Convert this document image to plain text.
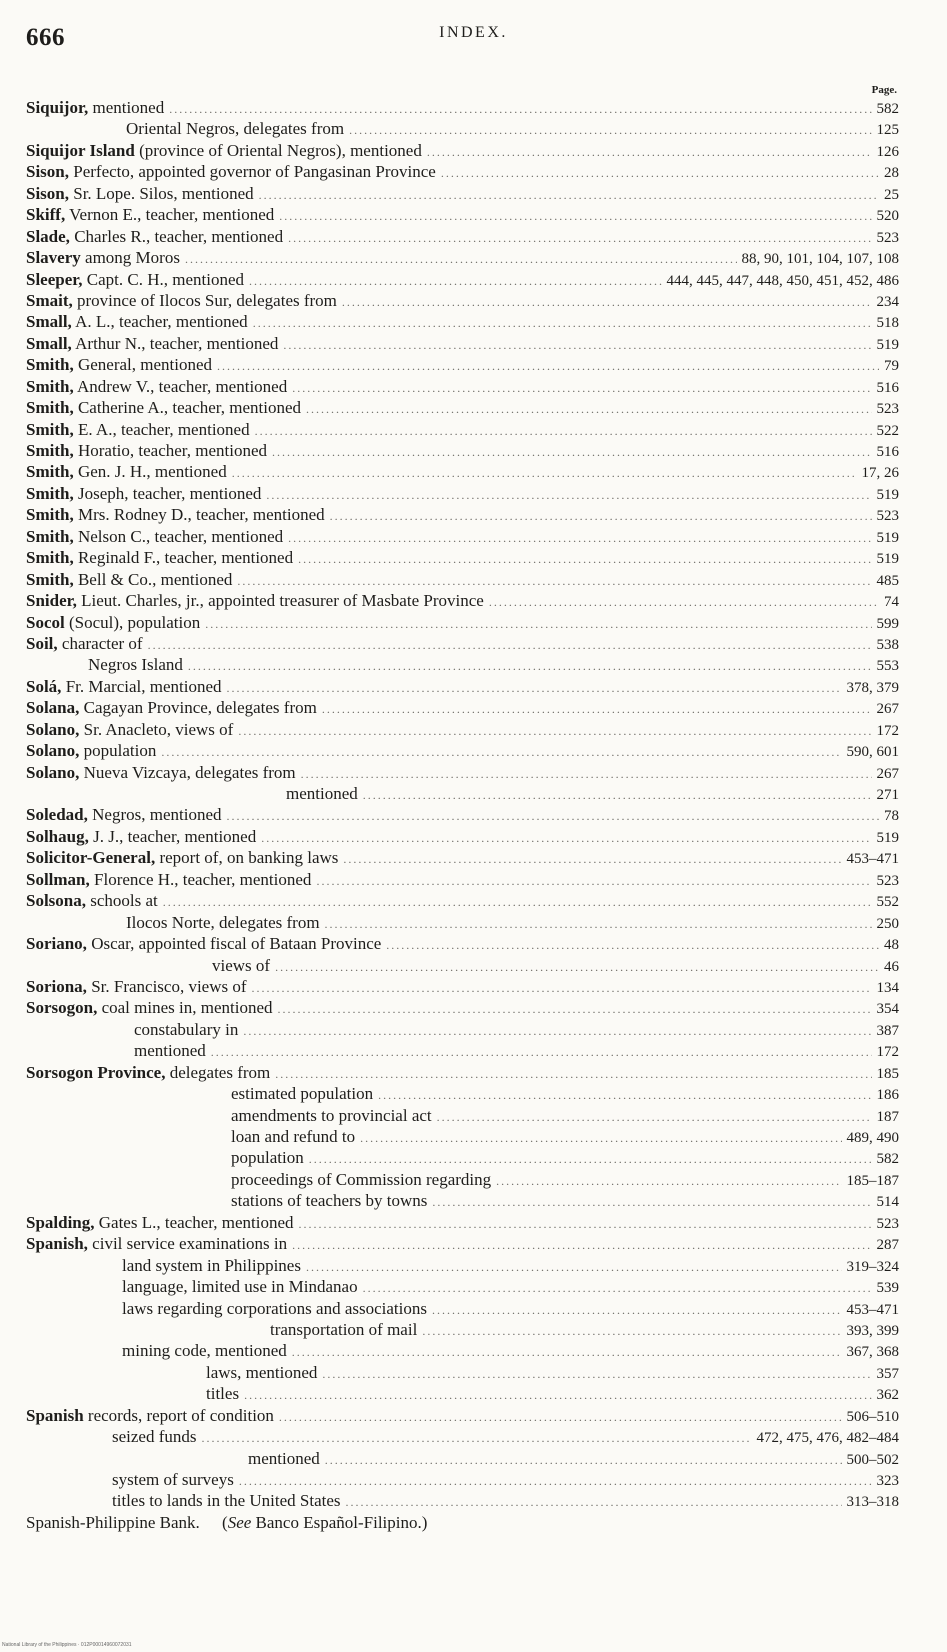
666	INDEX.
Page.
Siquijor, mentioned .....	582
Oriental Negros, delegates from .....	125
Siquijor Island (province of Oriental Negros), mentioned .....	126
Sison, Perfecto, appointed governor of Pangasinan Province .....	28
Sison, Sr. Lope. Silos, mentioned .....	25
Skiff, Vernon E., teacher, mentioned .....	520
Slade, Charles R., teacher, mentioned .....	523
Slavery among Moros .....	88, 90, 101, 104, 107, 108
Sleeper, Capt. C. H., mentioned .....	444, 445, 447, 448, 450, 451, 452, 486
Smait, province of Ilocos Sur, delegates from .....	234
Small, A. L., teacher, mentioned .....	518
Small, Arthur N., teacher, mentioned .....	519
Smith, General, mentioned .....	79
Smith, Andrew V., teacher, mentioned .....	516
Smith, Catherine A., teacher, mentioned .....	523
Smith, E. A., teacher, mentioned .....	522
Smith, Horatio, teacher, mentioned .....	516
Smith, Gen. J. H., mentioned .....	17, 26
Smith, Joseph, teacher, mentioned .....	519
Smith, Mrs. Rodney D., teacher, mentioned .....	523
Smith, Nelson C., teacher, mentioned .....	519
Smith, Reginald F., teacher, mentioned .....	519
Smith, Bell & Co., mentioned .....	485
Snider, Lieut. Charles, jr., appointed treasurer of Masbate Province .....	74
Socol (Socul), population .....	599
Soil, character of .....	538
Negros Island .....	553
Solá, Fr. Marcial, mentioned .....	378, 379
Solana, Cagayan Province, delegates from .....	267
Solano, Sr. Anacleto, views of .....	172
Solano, population .....	590, 601
Solano, Nueva Vizcaya, delegates from .....	267
mentioned .....	271
Soledad, Negros, mentioned .....	78
Solhaug, J. J., teacher, mentioned .....	519
Solicitor-General, report of, on banking laws .....	453–471
Sollman, Florence H., teacher, mentioned .....	523
Solsona, schools at .....	552
Ilocos Norte, delegates from .....	250
Soriano, Oscar, appointed fiscal of Bataan Province .....	48
views of .....	46
Soriona, Sr. Francisco, views of .....	134
Sorsogon, coal mines in, mentioned .....	354
constabulary in .....	387
mentioned .....	172
Sorsogon Province, delegates from .....	185
estimated population .....	186
amendments to provincial act .....	187
loan and refund to .....	489, 490
population .....	582
proceedings of Commission regarding .....	185–187
stations of teachers by towns .....	514
Spalding, Gates L., teacher, mentioned .....	523
Spanish, civil service examinations in .....	287
land system in Philippines .....	319–324
language, limited use in Mindanao .....	539
laws regarding corporations and associations .....	453–471
transportation of mail .....	393, 399
mining code, mentioned .....	367, 368
laws, mentioned .....	357
titles .....	362
Spanish records, report of condition .....	506–510
seized funds .....	472, 475, 476, 482–484
mentioned .....	500–502
system of surveys .....	323
titles to lands in the United States .....	313–318
Spanish-Philippine Bank. (See Banco Español-Filipino.)
National Library of the Philippines · 012P00014960072031
